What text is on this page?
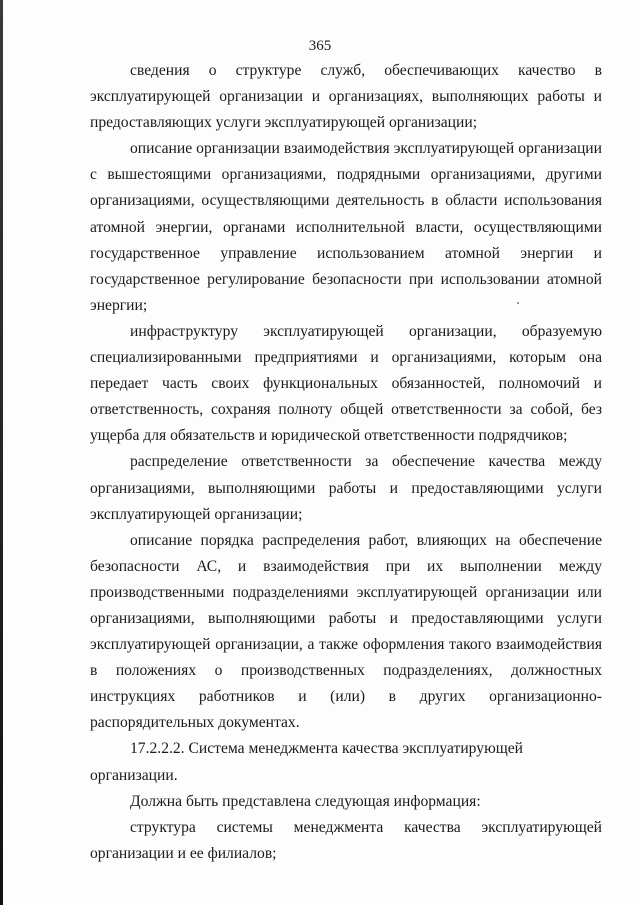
365

сведения о структуре служб, обеспечивающих качество в эксплуатирующей организации и организациях, выполняющих работы и предоставляющих услуги эксплуатирующей организации;

описание организации взаимодействия эксплуатирующей организации с вышестоящими организациями, подрядными организациями, другими организациями, осуществляющими деятельность в области использования атомной энергии, органами исполнительной власти, осуществляющими государственное управление использованием атомной энергии и государственное регулирование безопасности при использовании атомной энергии;

инфраструктуру эксплуатирующей организации, образуемую специализированными предприятиями и организациями, которым она передает часть своих функциональных обязанностей, полномочий и ответственность, сохраняя полноту общей ответственности за собой, без ущерба для обязательств и юридической ответственности подрядчиков;

распределение ответственности за обеспечение качества между организациями, выполняющими работы и предоставляющими услуги эксплуатирующей организации;

описание порядка распределения работ, влияющих на обеспечение безопасности АС, и взаимодействия при их выполнении между производственными подразделениями эксплуатирующей организации или организациями, выполняющими работы и предоставляющими услуги эксплуатирующей организации, а также оформления такого взаимодействия в положениях о производственных подразделениях, должностных инструкциях работников и (или) в других организационно-распорядительных документах.

17.2.2.2. Система менеджмента качества эксплуатирующей организации.

Должна быть представлена следующая информация:

структура системы менеджмента качества эксплуатирующей организации и ее филиалов;
